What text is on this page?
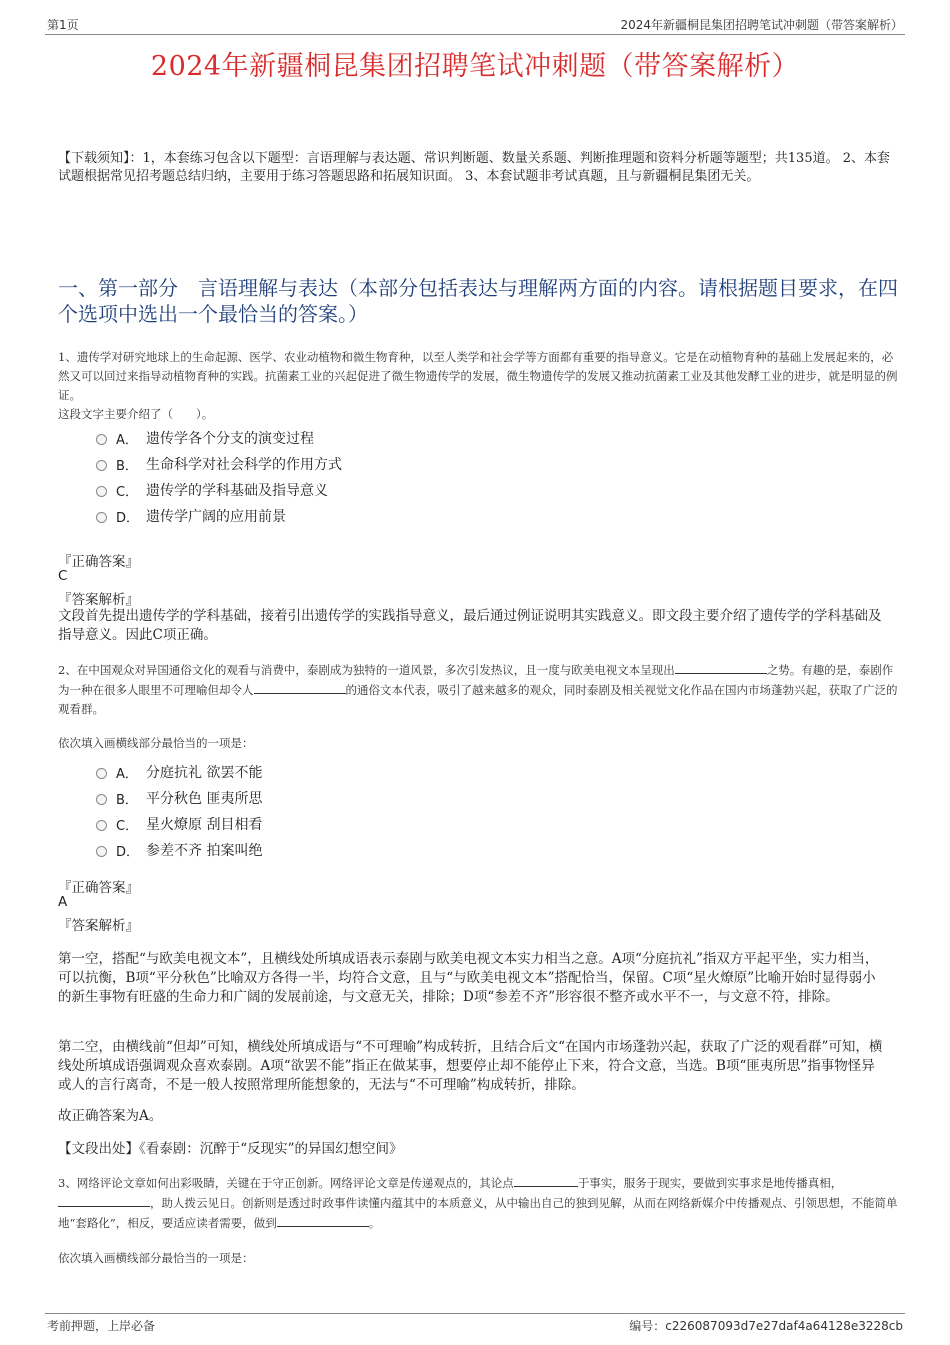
第1页	2024年新疆桐昆集团招聘笔试冲刺题（带答案解析）
2024年新疆桐昆集团招聘笔试冲刺题（带答案解析）
【下载须知】：1，本套练习包含以下题型：言语理解与表达题、常识判断题、数量关系题、判断推理题和资料分析题等题型；共135道。 2、本套试题根据常见招考题总结归纳，主要用于练习答题思路和拓展知识面。 3、本套试题非考试真题，且与新疆桐昆集团无关。
一、第一部分　言语理解与表达（本部分包括表达与理解两方面的内容。请根据题目要求，在四个选项中选出一个最恰当的答案。）
1、遗传学对研究地球上的生命起源、医学、农业动植物和微生物育种，以至人类学和社会学等方面都有重要的指导意义。它是在动植物育种的基础上发展起来的，必然又可以回过来指导动植物育种的实践。抗菌素工业的兴起促进了微生物遗传学的发展，微生物遗传学的发展又推动抗菌素工业及其他发酵工业的进步，就是明显的例证。
这段文字主要介绍了（　　）。
A． 遗传学各个分支的演变过程
B． 生命科学对社会科学的作用方式
C． 遗传学的学科基础及指导意义
D． 遗传学广阔的应用前景
『正确答案』
C
『答案解析』
文段首先提出遗传学的学科基础，接着引出遗传学的实践指导意义，最后通过例证说明其实践意义。即文段主要介绍了遗传学的学科基础及指导意义。因此C项正确。
2、在中国观众对异国通俗文化的观看与消费中，泰剧成为独特的一道风景，多次引发热议，且一度与欧美电视文本呈现出	之势。有趣的是，泰剧作为一种在很多人眼里不可理喻但却令人	的通俗文本代表，吸引了越来越多的观众，同时泰剧及相关视觉文化作品在国内市场蓬勃兴起，获取了广泛的观看群。
依次填入画横线部分最恰当的一项是：
A． 分庭抗礼 欲罢不能
B． 平分秋色 匪夷所思
C． 星火燎原 刮目相看
D． 参差不齐 拍案叫绝
『正确答案』
A
『答案解析』
第一空，搭配“与欧美电视文本”，且横线处所填成语表示泰剧与欧美电视文本实力相当之意。A项“分庭抗礼”指双方平起平坐，实力相当，可以抗衡，B项“平分秋色”比喻双方各得一半，均符合文意，且与“与欧美电视文本”搭配恰当，保留。C项“星火燎原”比喻开始时显得弱小的新生事物有旺盛的生命力和广阔的发展前途，与文意无关，排除；D项“参差不齐”形容很不整齐或水平不一，与文意不符，排除。
第二空，由横线前“但却”可知，横线处所填成语与“不可理喻”构成转折，且结合后文“在国内市场蓬勃兴起，获取了广泛的观看群”可知，横线处所填成语强调观众喜欢泰剧。A项“欲罢不能”指正在做某事，想要停止却不能停止下来，符合文意，当选。B项“匪夷所思”指事物怪异或人的言行离奇，不是一般人按照常理所能想象的，无法与“不可理喻”构成转折，排除。
故正确答案为A。
【文段出处】《看泰剧：沉醉于“反现实”的异国幻想空间》
3、网络评论文章如何出彩吸睛，关键在于守正创新。网络评论文章是传递观点的，其论点	于事实，服务于现实，要做到实事求是地传播真相，，助人拨云见日。创新则是透过时政事件读懂内蕴其中的本质意义，从中输出自己的独到见解，从而在网络新媒介中传播观点、引领思想，不能简单地“套路化”，相反，要适应读者需要，做到	。
依次填入画横线部分最恰当的一项是：
考前押题，上岸必备	编号：c226087093d7e27daf4a64128e3228cb
